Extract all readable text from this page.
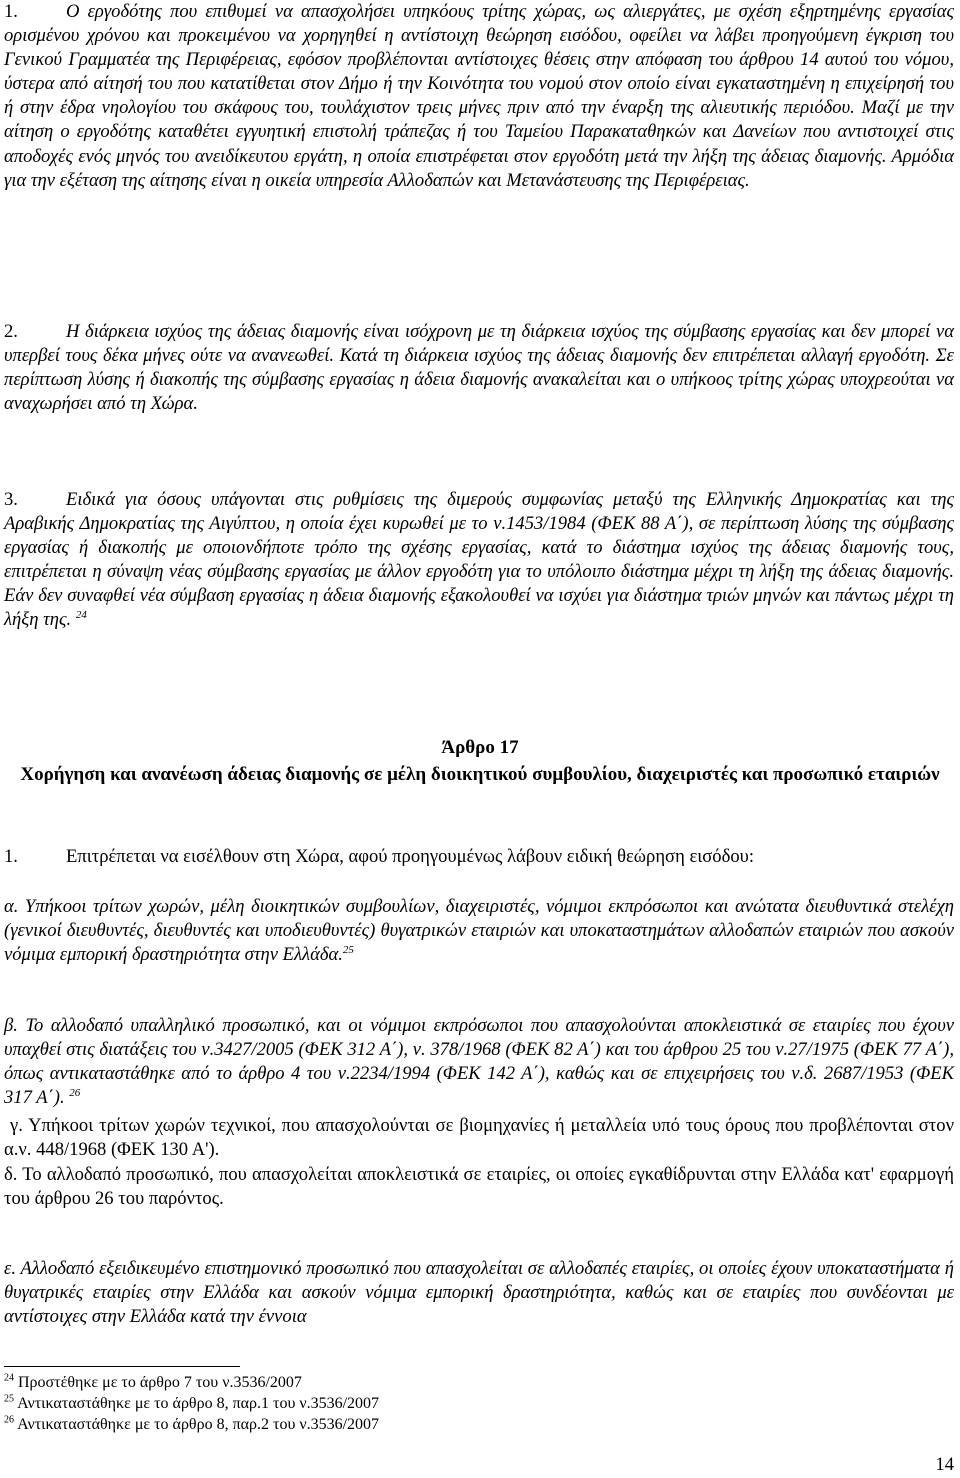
1.	Ο εργοδότης που επιθυμεί να απασχολήσει υπηκόους τρίτης χώρας, ως αλιεργάτες, με σχέση εξηρτημένης εργασίας ορισμένου χρόνου και προκειμένου να χορηγηθεί η αντίστοιχη θεώρηση εισόδου, οφείλει να λάβει προηγούμενη έγκριση του Γενικού Γραμματέα της Περιφέρειας, εφόσον προβλέπονται αντίστοιχες θέσεις στην απόφαση του άρθρου 14 αυτού του νόμου, ύστερα από αίτησή του που κατατίθεται στον Δήμο ή την Κοινότητα του νομού στον οποίο είναι εγκαταστημένη η επιχείρησή του ή στην έδρα νηολογίου του σκάφους του, τουλάχιστον τρεις μήνες πριν από την έναρξη της αλιευτικής περιόδου. Μαζί με την αίτηση ο εργοδότης καταθέτει εγγυητική επιστολή τράπεζας ή του Ταμείου Παρακαταθηκών και Δανείων που αντιστοιχεί στις αποδοχές ενός μηνός του ανειδίκευτου εργάτη, η οποία επιστρέφεται στον εργοδότη μετά την λήξη της άδειας διαμονής. Αρμόδια για την εξέταση της αίτησης είναι η οικεία υπηρεσία Αλλοδαπών και Μετανάστευσης της Περιφέρειας.

2.	Η διάρκεια ισχύος της άδειας διαμονής είναι ισόχρονη με τη διάρκεια ισχύος της σύμβασης εργασίας και δεν μπορεί να υπερβεί τους δέκα μήνες ούτε να ανανεωθεί. Κατά τη διάρκεια ισχύος της άδειας διαμονής δεν επιτρέπεται αλλαγή εργοδότη. Σε περίπτωση λύσης ή διακοπής της σύμβασης εργασίας η άδεια διαμονής ανακαλείται και ο υπήκοος τρίτης χώρας υποχρεούται να αναχωρήσει από τη Χώρα.

3.	Ειδικά για όσους υπάγονται στις ρυθμίσεις της διμερούς συμφωνίας μεταξύ της Ελληνικής Δημοκρατίας και της Αραβικής Δημοκρατίας της Αιγύπτου, η οποία έχει κυρωθεί με το ν.1453/1984 (ΦΕΚ 88 Α΄), σε περίπτωση λύσης της σύμβασης εργασίας ή διακοπής με οποιονδήποτε τρόπο της σχέσης εργασίας, κατά το διάστημα ισχύος της άδειας διαμονής τους, επιτρέπεται η σύναψη νέας σύμβασης εργασίας με άλλον εργοδότη για το υπόλοιπο διάστημα μέχρι τη λήξη της άδειας διαμονής. Εάν δεν συναφθεί νέα σύμβαση εργασίας η άδεια διαμονής εξακολουθεί να ισχύει για διάστημα τριών μηνών και πάντως μέχρι τη λήξη της. $^{24}$

Άρθρο 17
Χορήγηση και ανανέωση άδειας διαμονής σε μέλη διοικητικού συμβουλίου, διαχειριστές και προσωπικό εταιριών

1.	Επιτρέπεται να εισέλθουν στη Χώρα, αφού προηγουμένως λάβουν ειδική θεώρηση εισόδου:

α. Υπήκοοι τρίτων χωρών, μέλη διοικητικών συμβουλίων, διαχειριστές, νόμιμοι εκπρόσωποι και ανώτατα διευθυντικά στελέχη (γενικοί διευθυντές, διευθυντές και υποδιευθυντές) θυγατρικών εταιριών και υποκαταστημάτων αλλοδαπών εταιριών που ασκούν νόμιμα εμπορική δραστηριότητα στην Ελλάδα.$^{25}$

β. Το αλλοδαπό υπαλληλικό προσωπικό, και οι νόμιμοι εκπρόσωποι που απασχολούνται αποκλειστικά σε εταιρίες που έχουν υπαχθεί στις διατάξεις του ν.3427/2005 (ΦΕΚ 312 Α΄), ν. 378/1968 (ΦΕΚ 82 Α΄) και του άρθρου 25 του ν.27/1975 (ΦΕΚ 77 Α΄), όπως αντικαταστάθηκε από το άρθρο 4 του ν.2234/1994 (ΦΕΚ 142 Α΄), καθώς και σε επιχειρήσεις του ν.δ. 2687/1953 (ΦΕΚ 317 Α΄). $^{26}$

γ. Υπήκοοι τρίτων χωρών τεχνικοί, που απασχολούνται σε βιομηχανίες ή μεταλλεία υπό τους όρους που προβλέπονται στον α.ν. 448/1968 (ΦΕΚ 130 Α').

δ. Το αλλοδαπό προσωπικό, που απασχολείται αποκλειστικά σε εταιρίες, οι οποίες εγκαθίδρυνται στην Ελλάδα κατ' εφαρμογή του άρθρου 26 του παρόντος.

ε. Αλλοδαπό εξειδικευμένο επιστημονικό προσωπικό που απασχολείται σε αλλοδαπές εταιρίες, οι οποίες έχουν υποκαταστήματα ή θυγατρικές εταιρίες στην Ελλάδα και ασκούν νόμιμα εμπορική δραστηριότητα, καθώς και σε εταιρίες που συνδέονται με αντίστοιχες στην Ελλάδα κατά την έννοια

$^{24}$ Προστέθηκε με το άρθρο 7 του ν.3536/2007
$^{25}$ Αντικαταστάθηκε με το άρθρο 8, παρ.1 του ν.3536/2007
$^{26}$ Αντικαταστάθηκε με το άρθρο 8, παρ.2 του ν.3536/2007
14
